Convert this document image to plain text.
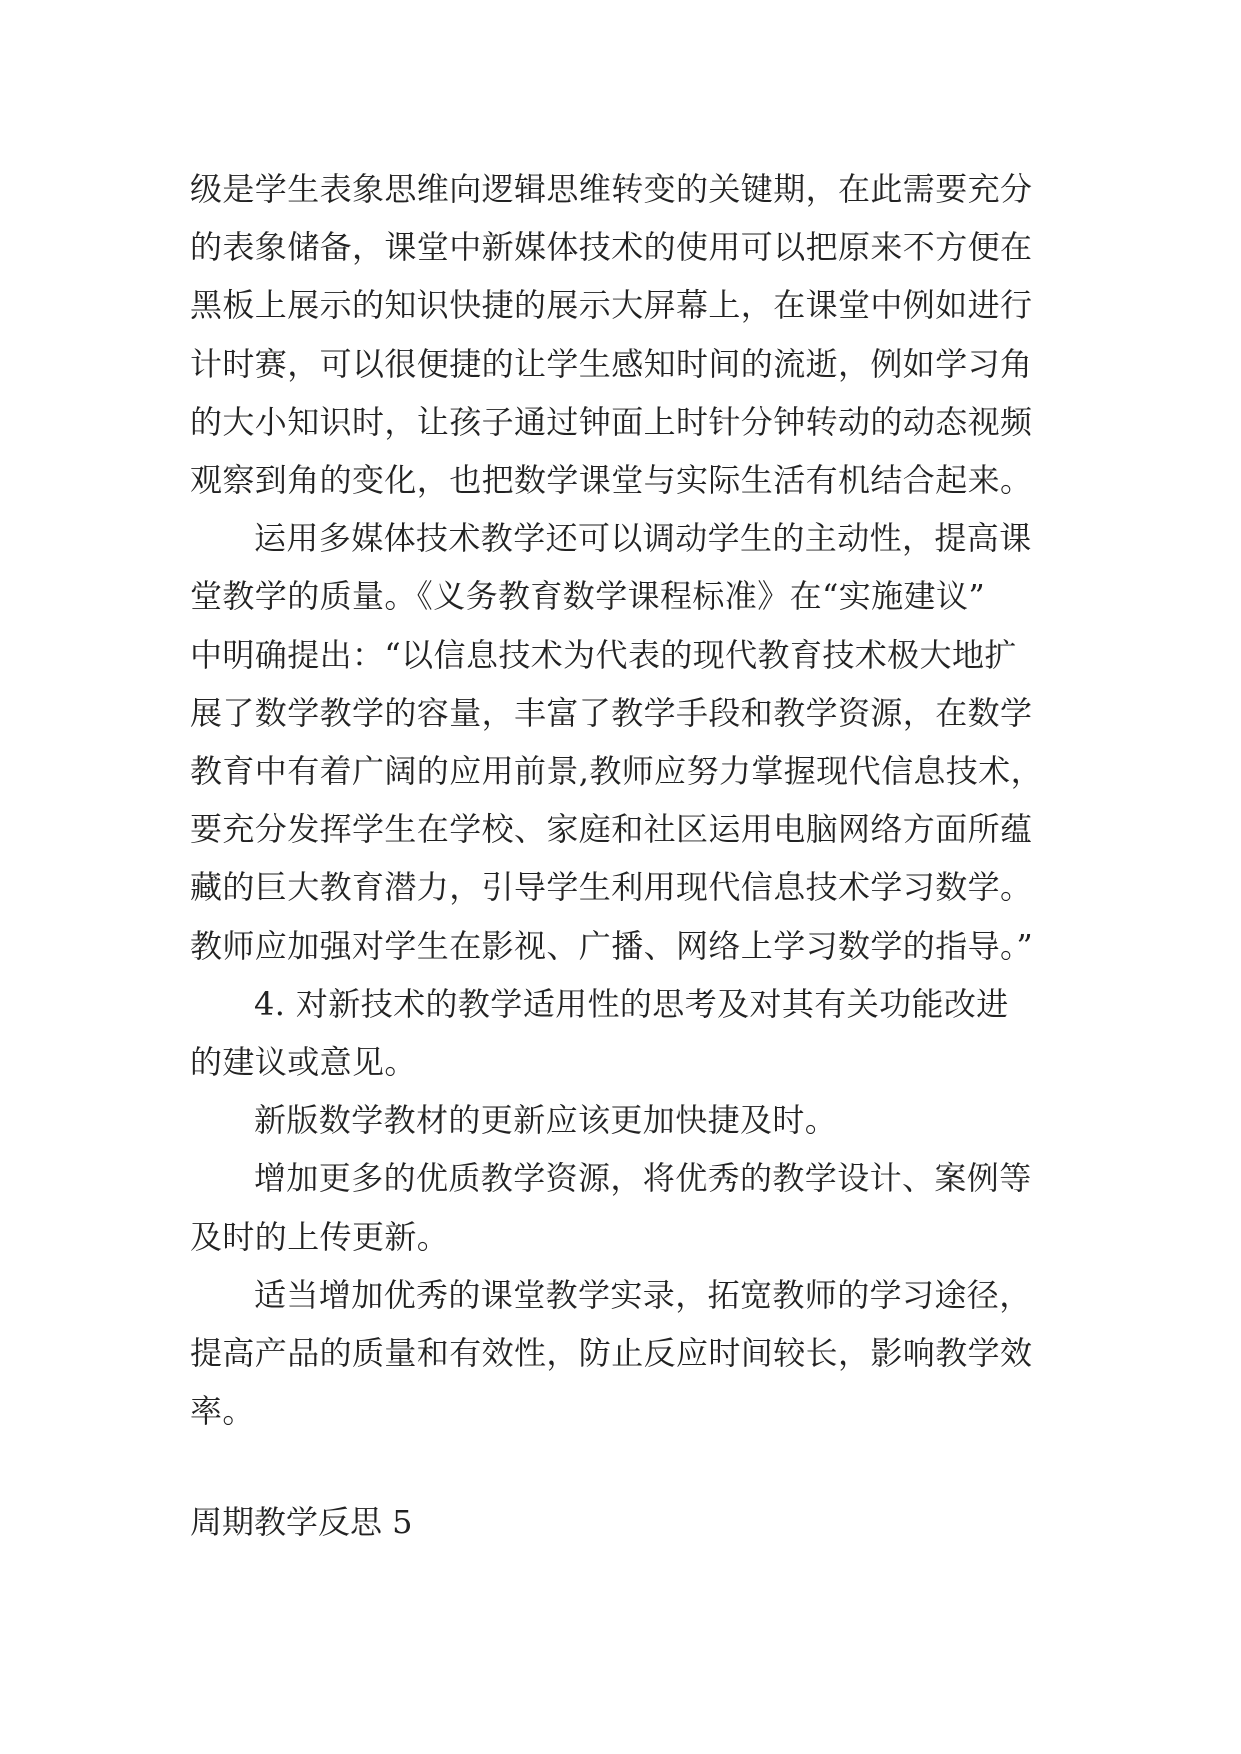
级是学生表象思维向逻辑思维转变的关键期，在此需要充分
的表象储备，课堂中新媒体技术的使用可以把原来不方便在
黑板上展示的知识快捷的展示大屏幕上，在课堂中例如进行
计时赛，可以很便捷的让学生感知时间的流逝，例如学习角
的大小知识时，让孩子通过钟面上时针分钟转动的动态视频
观察到角的变化，也把数学课堂与实际生活有机结合起来。
运用多媒体技术教学还可以调动学生的主动性，提高课
堂教学的质量。《义务教育数学课程标准》在“实施建议”
中明确提出：“以信息技术为代表的现代教育技术极大地扩
展了数学教学的容量，丰富了教学手段和教学资源，在数学
教育中有着广阔的应用前景,教师应努力掌握现代信息技术，
要充分发挥学生在学校、家庭和社区运用电脑网络方面所蕴
藏的巨大教育潜力，引导学生利用现代信息技术学习数学。
教师应加强对学生在影视、广播、网络上学习数学的指导。”
4. 对新技术的教学适用性的思考及对其有关功能改进
的建议或意见。
新版数学教材的更新应该更加快捷及时。
增加更多的优质教学资源，将优秀的教学设计、案例等
及时的上传更新。
适当增加优秀的课堂教学实录，拓宽教师的学习途径，
提高产品的质量和有效性，防止反应时间较长，影响教学效
率。
周期教学反思 5
